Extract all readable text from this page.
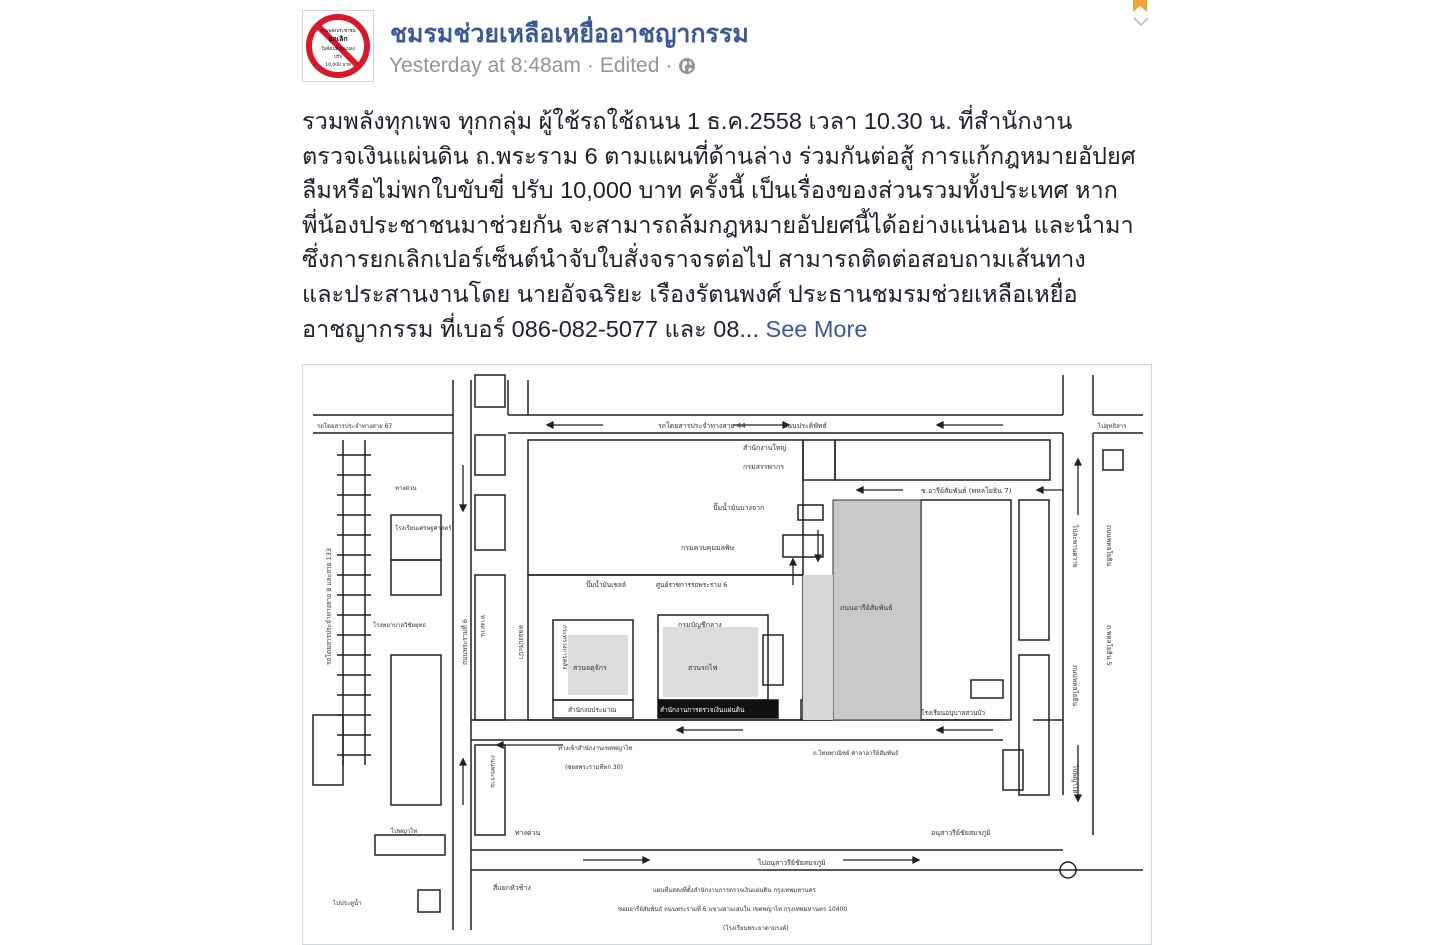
รวมพลังประชาชน
ยกเลิก
ใบสั่งเปลี่ยนแปลง
ปรับ
10,000 บาท
ชมรมช่วยเหลือเหยื่ออาชญากรรม
Yesterday at 8:48am · Edited ·
รวมพลังทุกเพจ ทุกกลุ่ม ผู้ใช้รถใช้ถนน 1 ธ.ค.2558 เวลา 10.30 น. ที่สำนักงาน
ตรวจเงินแผ่นดิน ถ.พระราม 6 ตามแผนที่ด้านล่าง ร่วมกันต่อสู้ การแก้กฎหมายอัปยศ
ลืมหรือไม่พกใบขับขี่ ปรับ 10,000 บาท ครั้งนี้ เป็นเรื่องของส่วนรวมทั้งประเทศ หาก
พี่น้องประชาชนมาช่วยกัน จะสามารถล้มกฎหมายอัปยศนี้ได้อย่างแน่นอน และนำมา
ซึ่งการยกเลิกเปอร์เซ็นต์นำจับใบสั่งจราจรต่อไป สามารถติดต่อสอบถามเส้นทาง
และประสานงานโดย นายอัจฉริยะ เรืองรัตนพงศ์ ประธานชมรมช่วยเหลือเหยื่อ
อาชญากรรม ที่เบอร์ 086-082-5077 และ 08... See More
รถโดยสารประจำทางสาย 44	ถนนประดิพัทธ์
รถโดยสารประจำทางสาย 67	ไปสุทธิสาร
สำนักงานใหญ่
กรมสรรพากร
ปั๊มน้ำมันบางจาก
กรมควบคุมมลพิษ
ซ.อารีย์สัมพันธ์ (พหลโยธิน 7)
ปั๊มน้ำมันเชลล์	ศูนย์ราชการรถพระราม 6
กรมบัญชีกลาง
สวนจตุจักร	สวนรถไฟ
สำนักงบประมาณ	สำนักงานการตรวจเงินแผ่นดิน
ถนนอารีย์สัมพันธ์
โรงเรียนอนุบาลสวนบัว
ทางเข้าสำนักงานเขตพญาไท
(ซอยพระรามที่หก 30)
ถ.ไทยพาณิชย์ ศาลาอารีย์สัมพันธ์
อนุสาวรีย์ชัยสมรภูมิ
ไปอนุสาวรีย์ชัยสมรภูมิ
ทางด่วน
ทางด่วน
โรงเรียนเศรษฐศาสตร์
โรงพยาบาลวิชัยยุทธ
ไปพญาไท
แผนที่แสดงที่ตั้งสำนักงานการตรวจเงินแผ่นดิน กรุงเทพมหานคร
ซอยอารีย์สัมพันธ์ ถนนพระรามที่ 6 แขวงสามเสนใน เขตพญาไท กรุงเทพมหานคร 10400
(โรงเรียนพระยาดามรงค์)
สี่แยกหัวช้าง
ไปประตูน้ำ
รถโดยสารประจำทางสาย 8 และสาย 133	ถนนพระรามที่ 6	คลองประปา
ถนนพหลโยธิน
ไปสะพานควาย
ถนนพหลโยธิน
ไปพญาไท
ถ.พหลโยธิน 5
ทางด่วน
ถนนพระราม
กระทรวงการคลัง
